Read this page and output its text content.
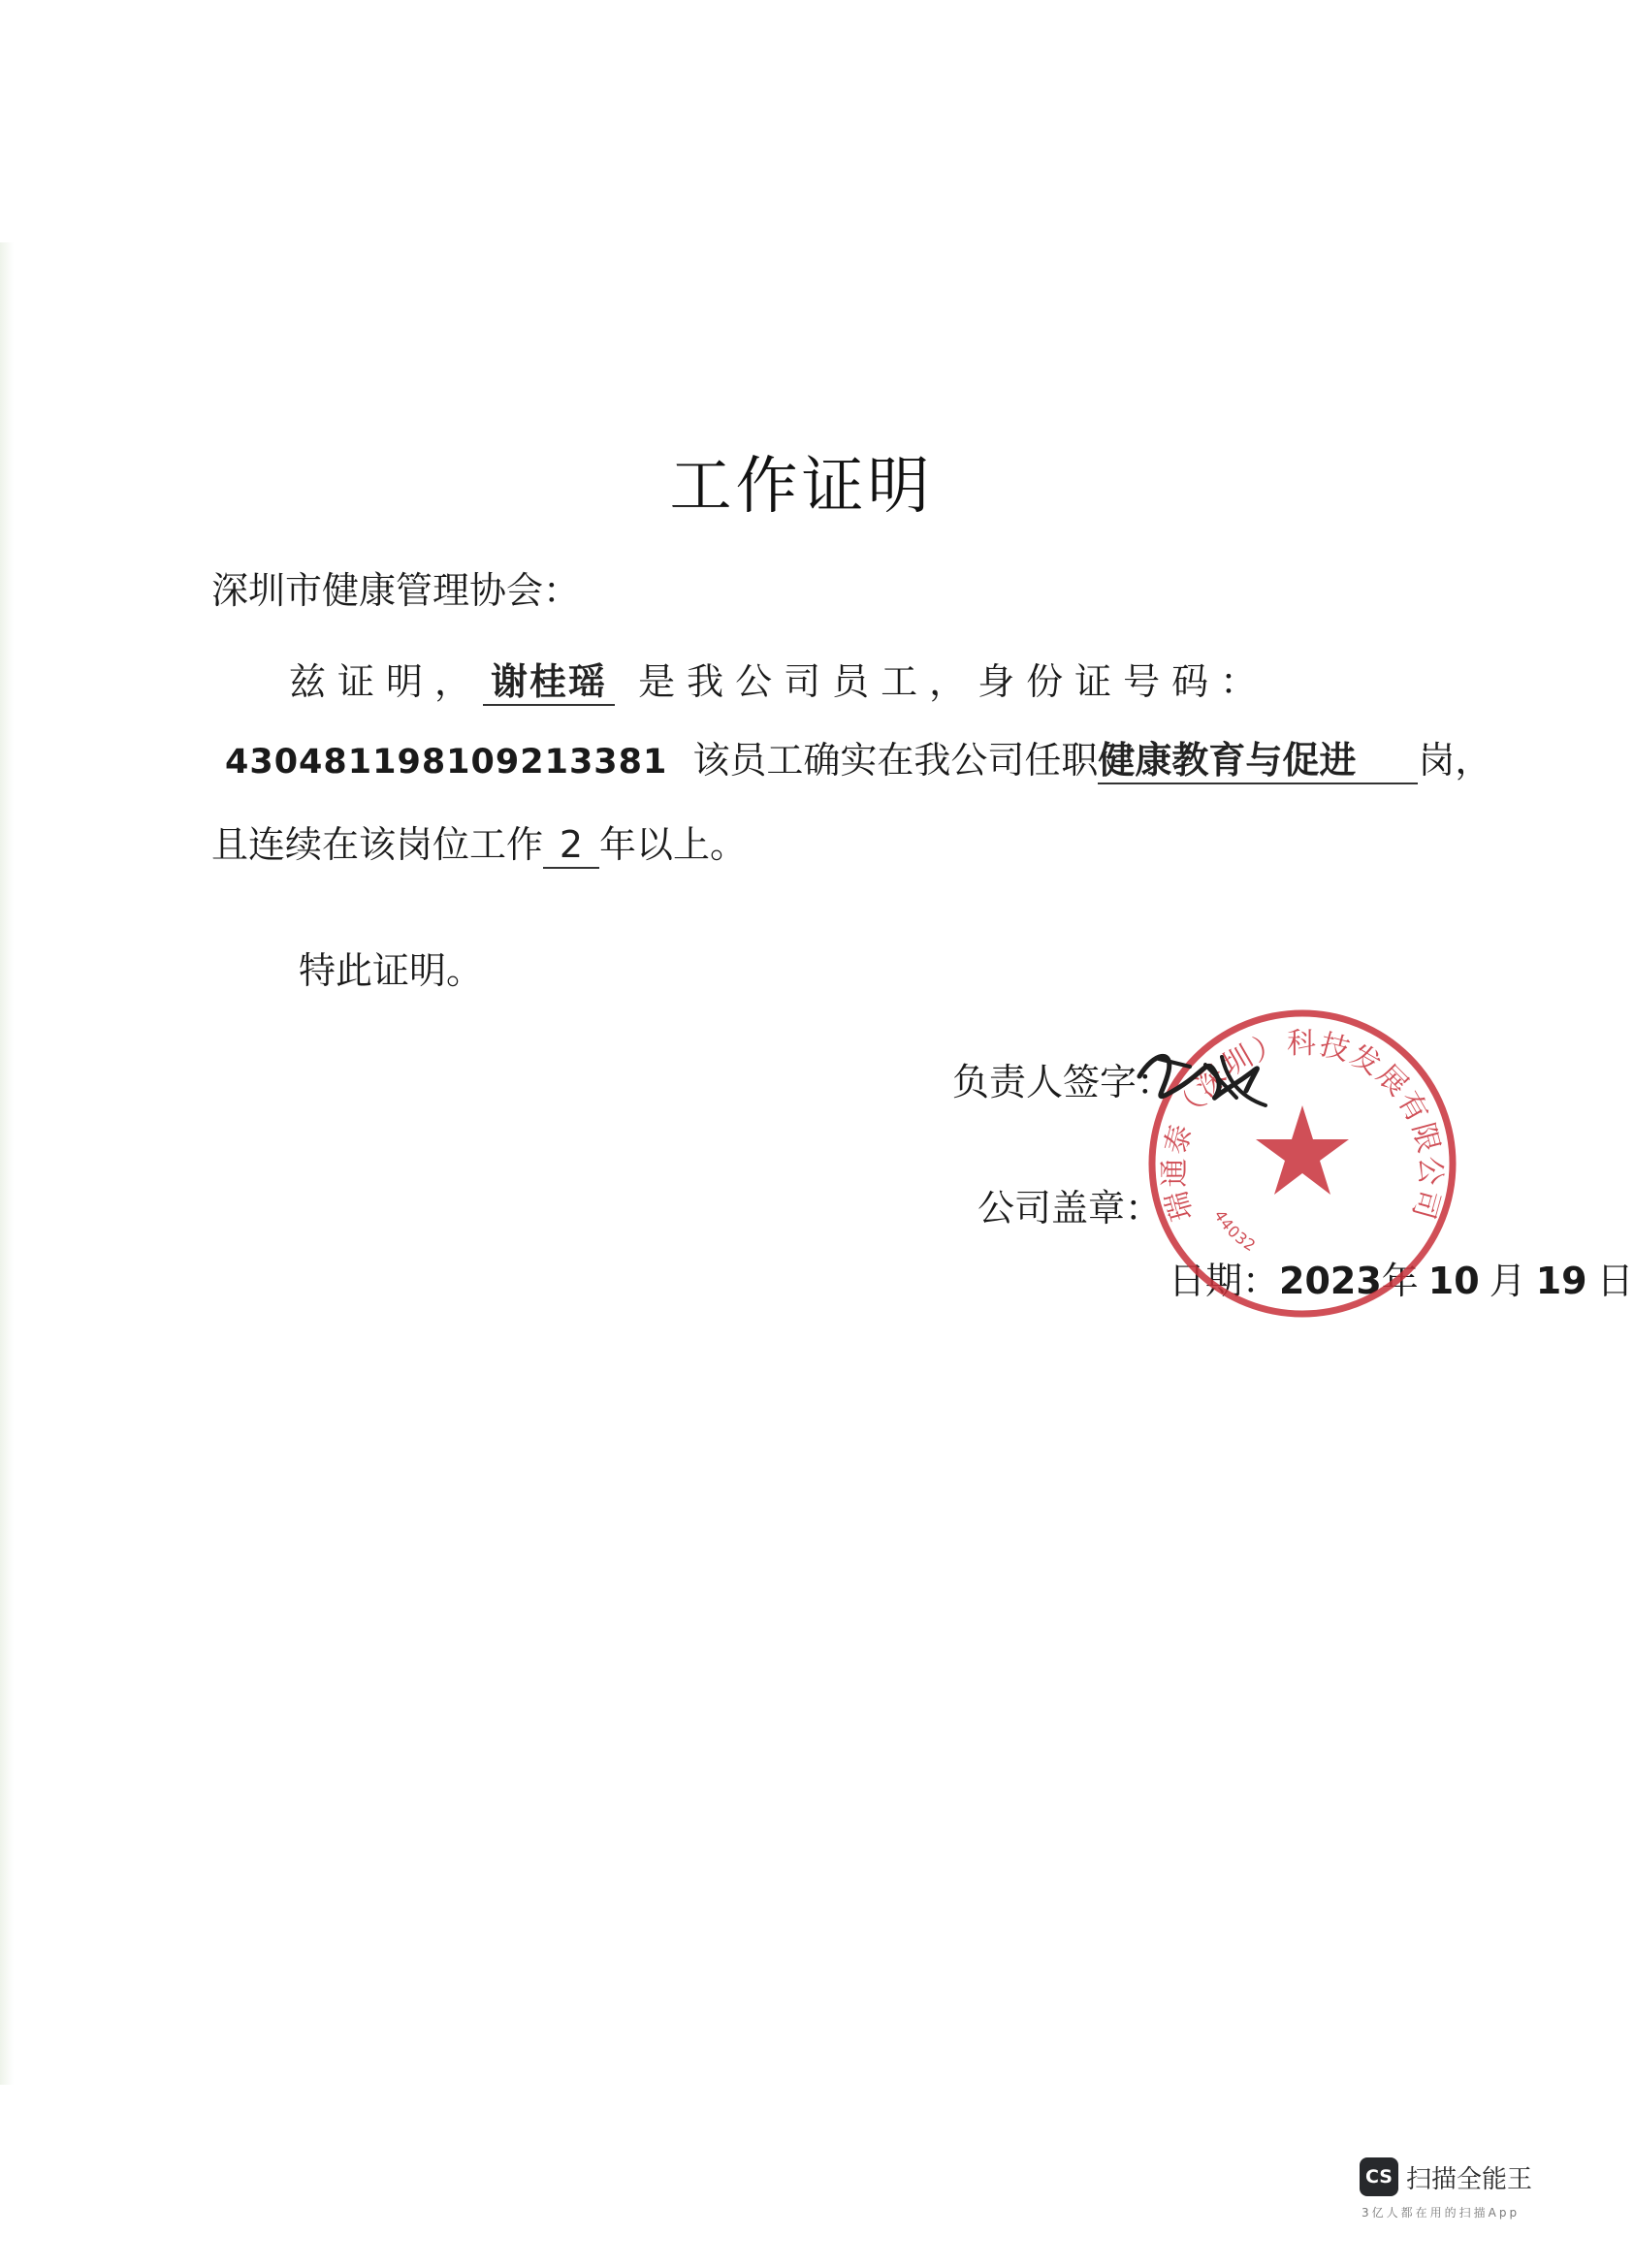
工作证明
深圳市健康管理协会：
兹证明， 谢桂瑶 是我公司员工，身份证号码：
430481198109213381 该员工确实在我公司任职健康教育与促进 岗，
且连续在该岗位工作 2 年以上。
特此证明。
负责人签字：
公司盖章：
日期：2023年 10 月 19 日
瑞通泰（深圳）科技发展有限公司
44032
CS 扫描全能王
3亿人都在用的扫描App
